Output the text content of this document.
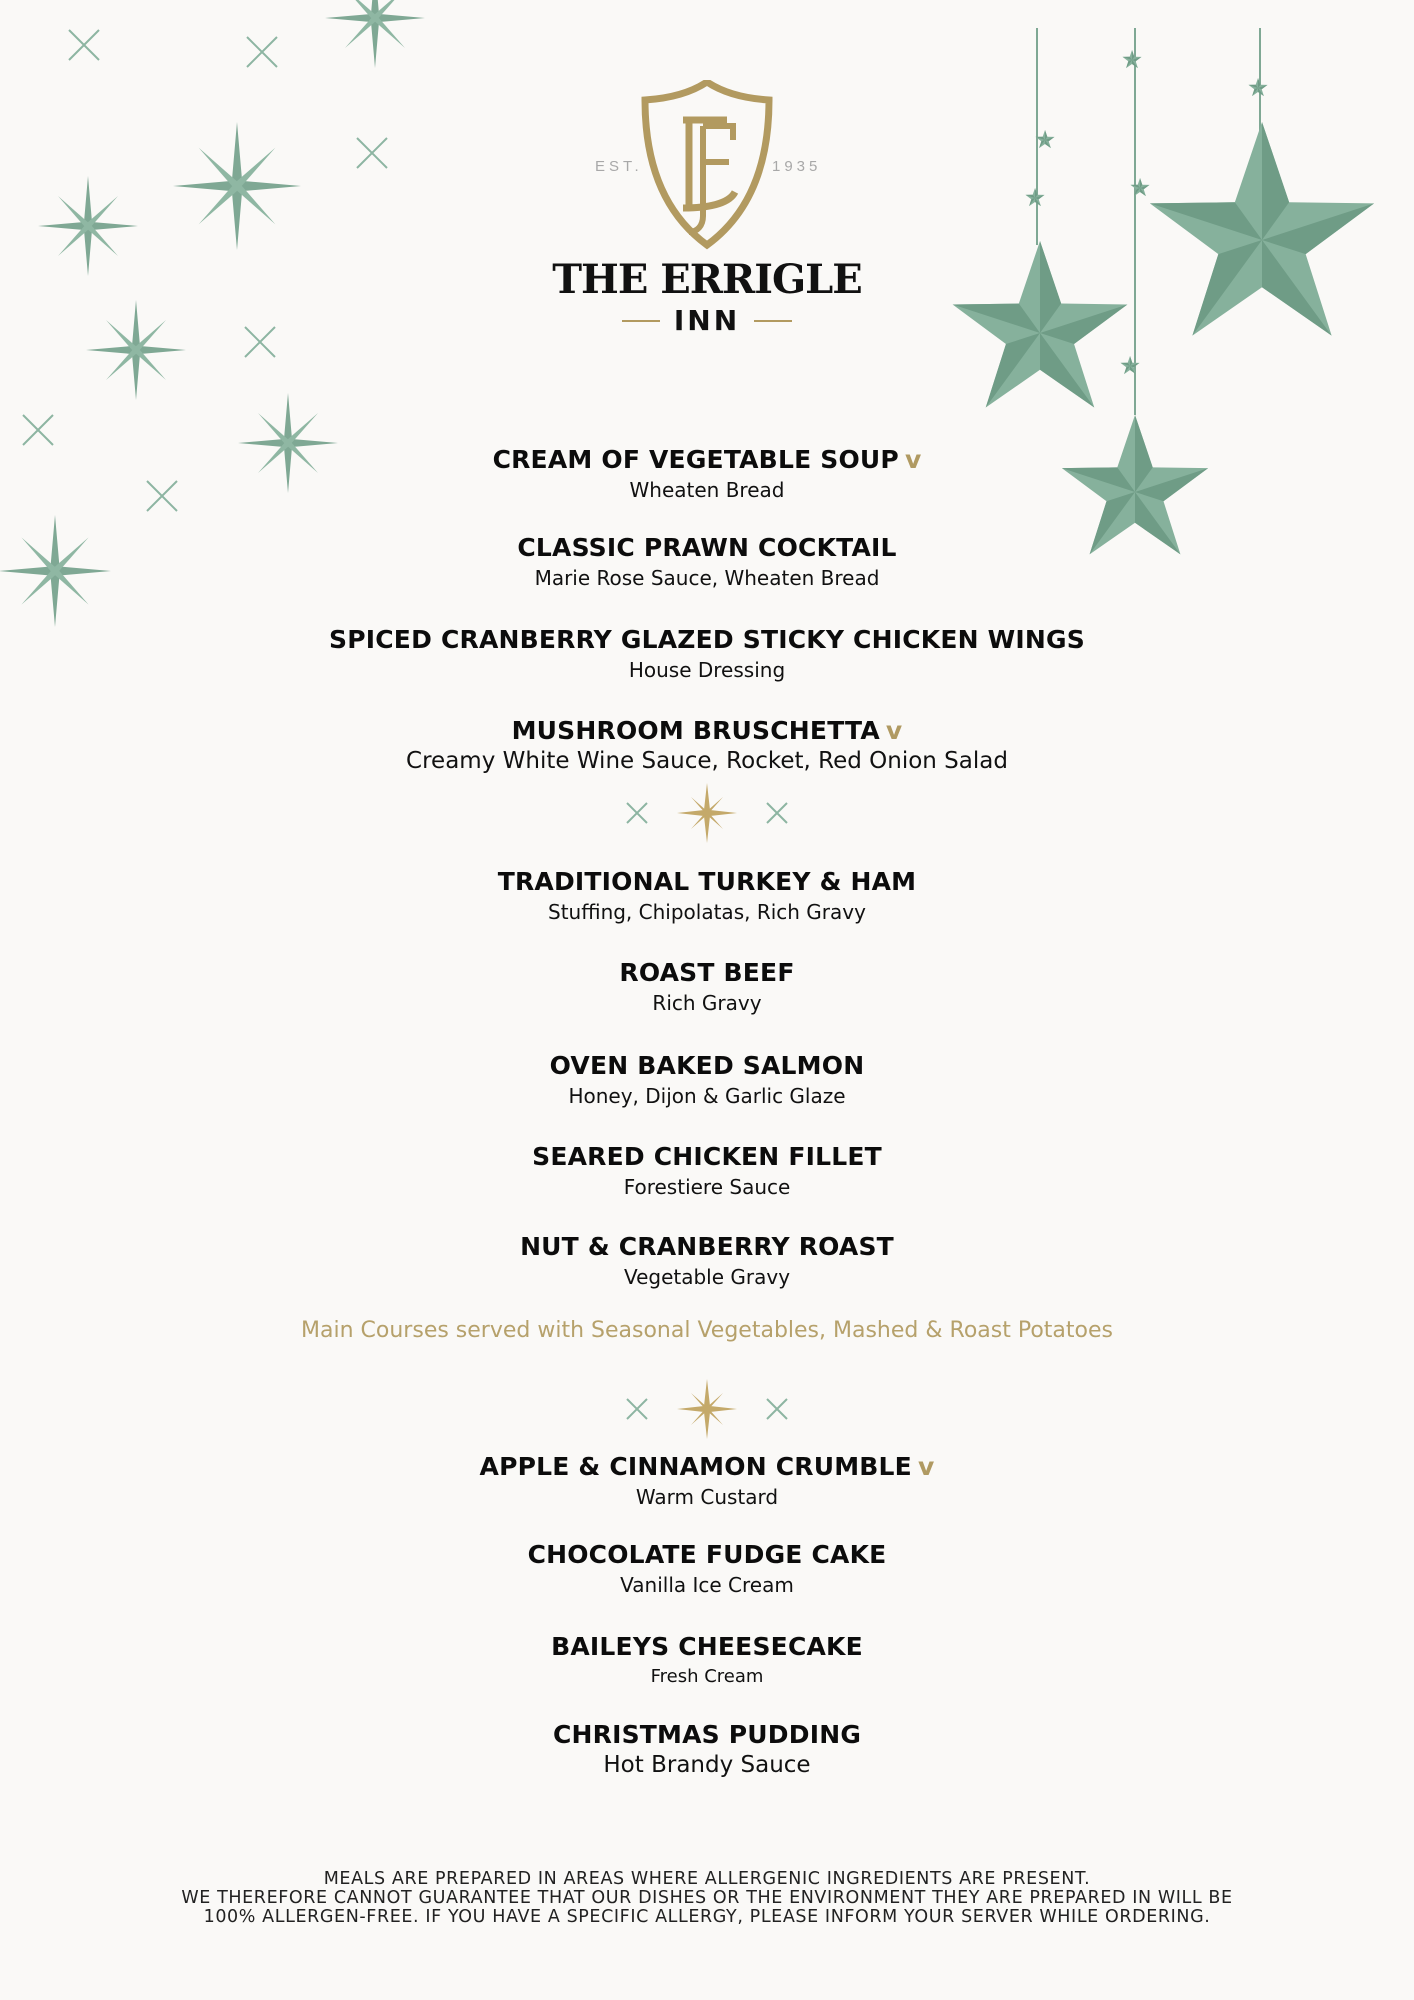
EST.	1935
THE ERRIGLE
INN
CREAM OF VEGETABLE SOUP v
Wheaten Bread
CLASSIC PRAWN COCKTAIL
Marie Rose Sauce, Wheaten Bread
SPICED CRANBERRY GLAZED STICKY CHICKEN WINGS
House Dressing
MUSHROOM BRUSCHETTA v
Creamy White Wine Sauce, Rocket, Red Onion Salad
TRADITIONAL TURKEY & HAM
Stuffing, Chipolatas, Rich Gravy
ROAST BEEF
Rich Gravy
OVEN BAKED SALMON
Honey, Dijon & Garlic Glaze
SEARED CHICKEN FILLET
Forestiere Sauce
NUT & CRANBERRY ROAST
Vegetable Gravy
Main Courses served with Seasonal Vegetables, Mashed & Roast Potatoes
APPLE & CINNAMON CRUMBLE v
Warm Custard
CHOCOLATE FUDGE CAKE
Vanilla Ice Cream
BAILEYS CHEESECAKE
Fresh Cream
CHRISTMAS PUDDING
Hot Brandy Sauce
MEALS ARE PREPARED IN AREAS WHERE ALLERGENIC INGREDIENTS ARE PRESENT.
WE THEREFORE CANNOT GUARANTEE THAT OUR DISHES OR THE ENVIRONMENT THEY ARE PREPARED IN WILL BE
100% ALLERGEN-FREE. IF YOU HAVE A SPECIFIC ALLERGY, PLEASE INFORM YOUR SERVER WHILE ORDERING.
